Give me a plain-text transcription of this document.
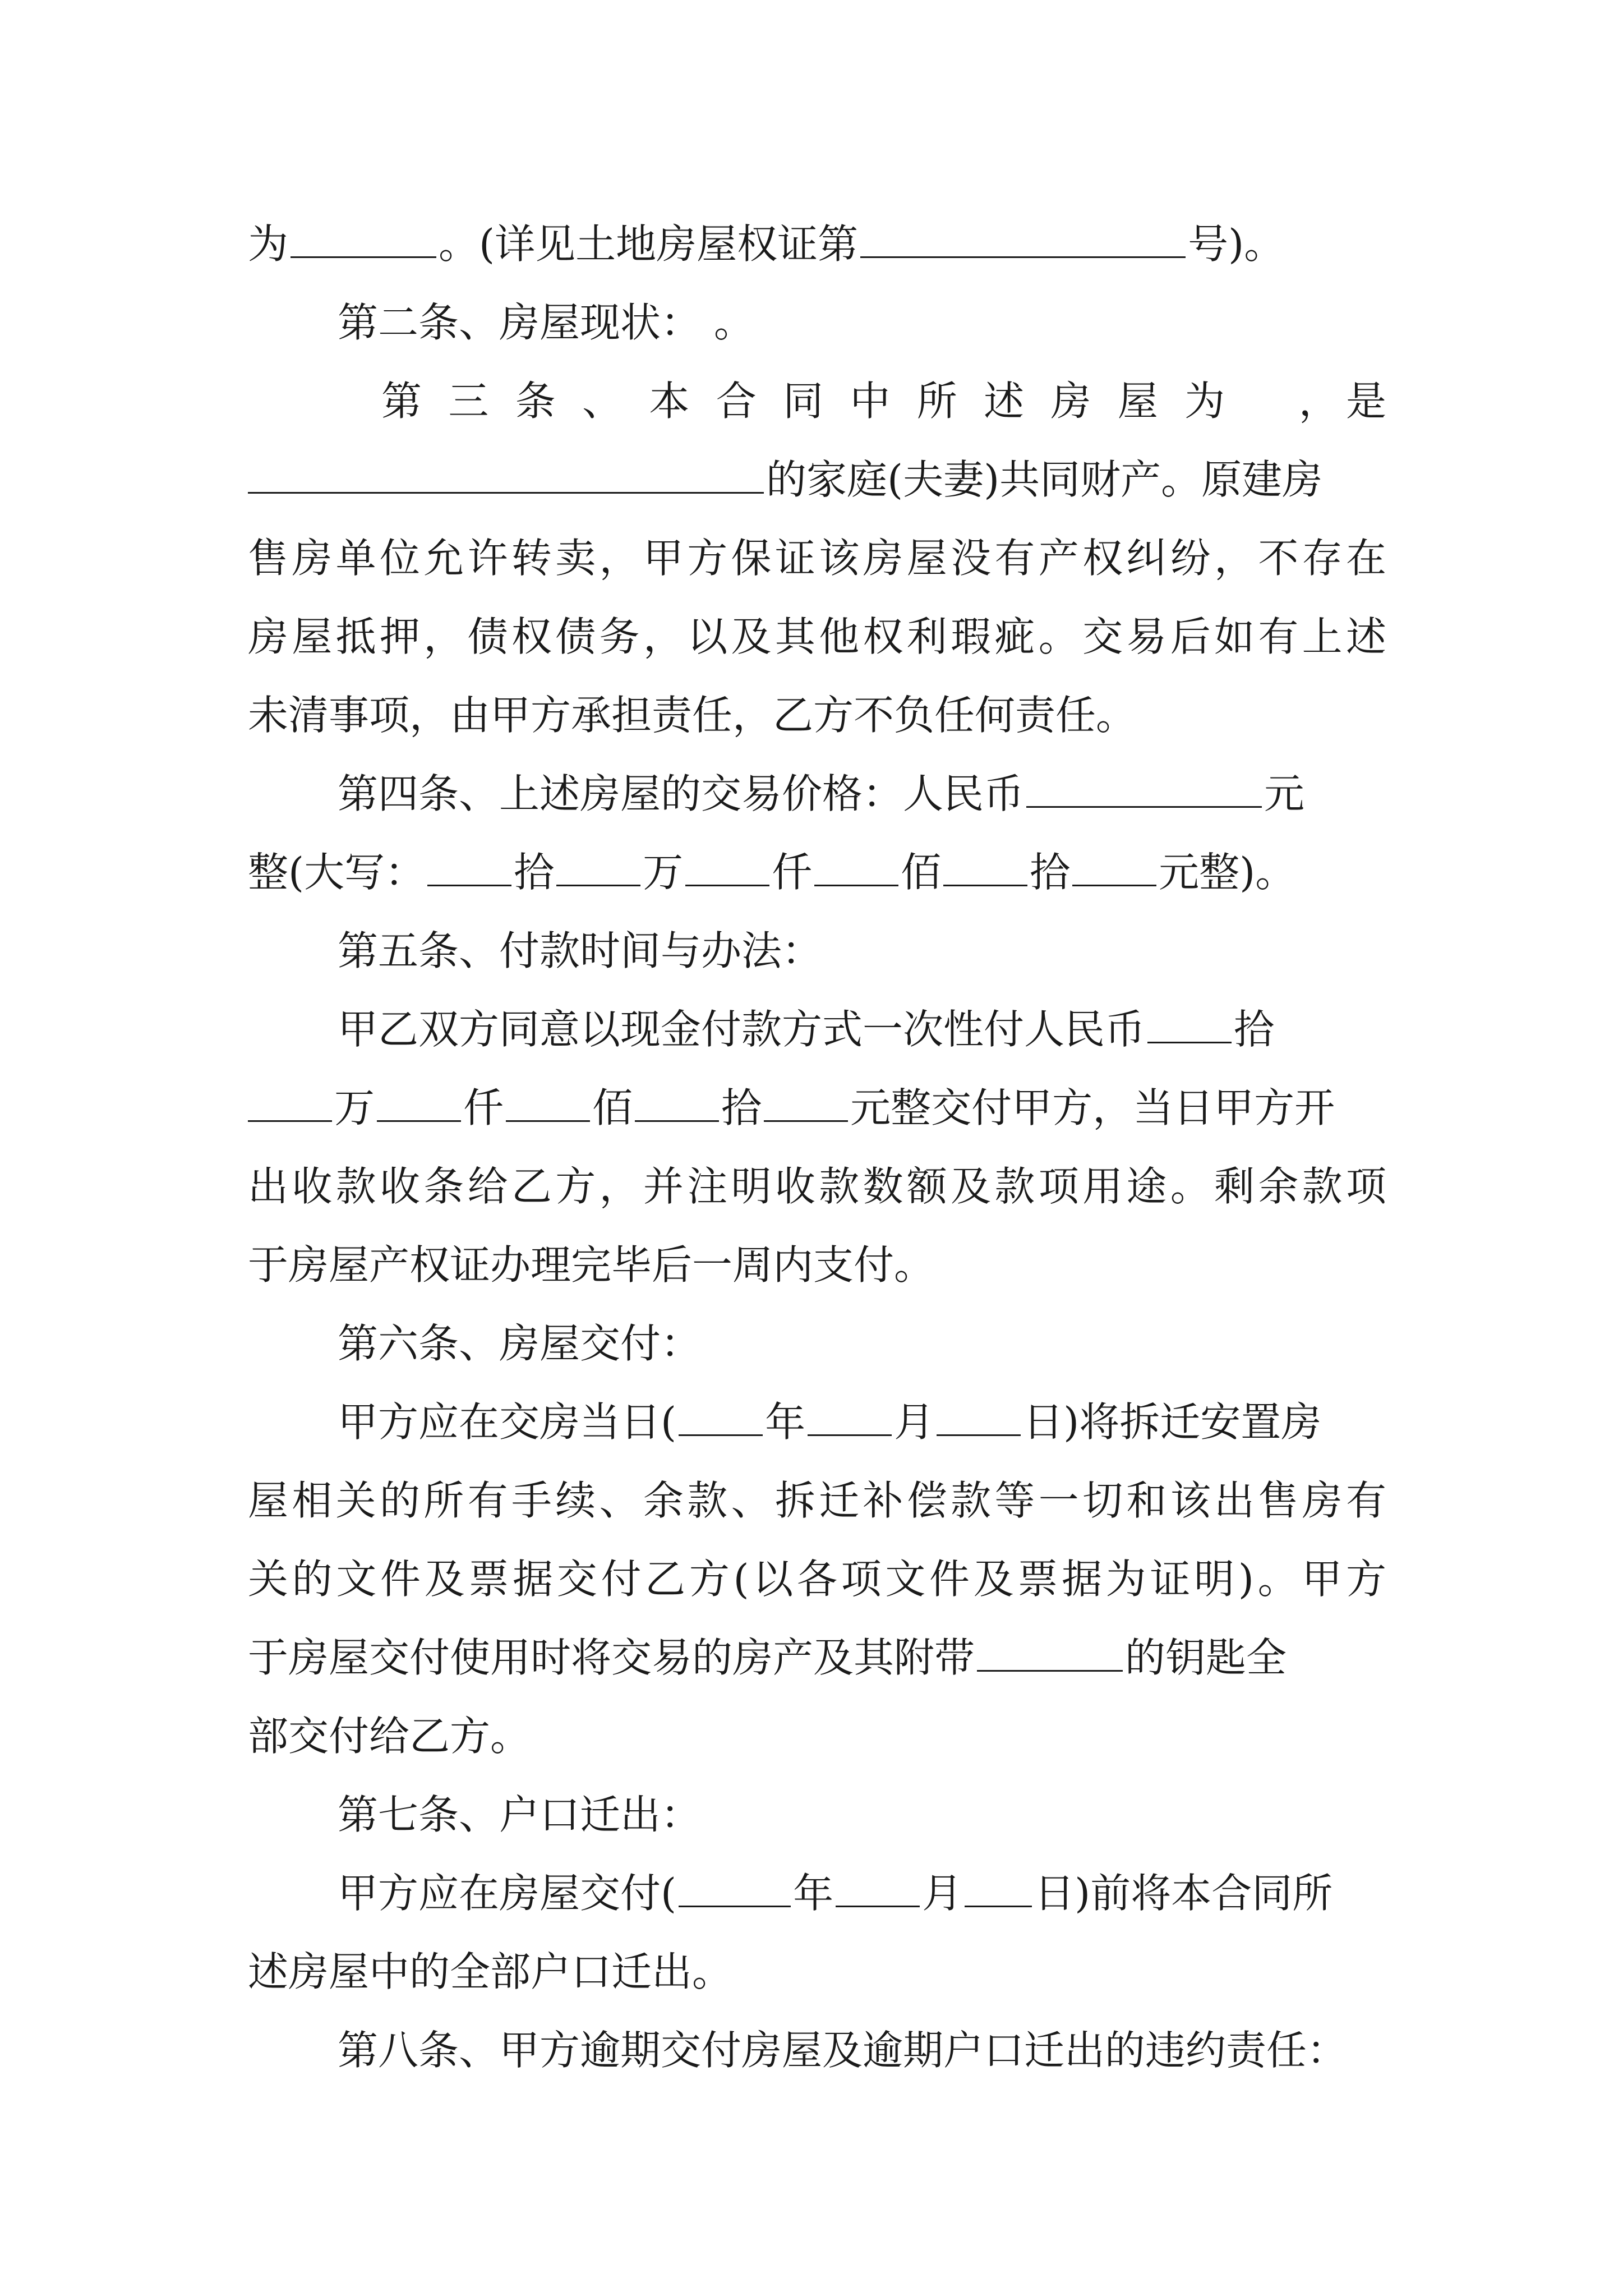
为	。(详见土地房屋权证第	号)。
第二条、房屋现状： 。
第 三 条 、 本 合 同 中 所 述 房 屋 为 　，是
的家庭(夫妻)共同财产。原建房
售房单位允许转卖，甲方保证该房屋没有产权纠纷，不存在
房屋抵押，债权债务，以及其他权利瑕疵。交易后如有上述
未清事项，由甲方承担责任，乙方不负任何责任。
第四条、上述房屋的交易价格：人民币	元
整(大写： 拾 万 仟 佰 拾 元整)。
第五条、付款时间与办法：
甲乙双方同意以现金付款方式一次性付人民币 拾
万 仟 佰 拾 元整交付甲方，当日甲方开
出收款收条给乙方，并注明收款数额及款项用途。剩余款项
于房屋产权证办理完毕后一周内支付。
第六条、房屋交付：
甲方应在交房当日( 年 月 日)将拆迁安置房
屋相关的所有手续、余款、拆迁补偿款等一切和该出售房有
关的文件及票据交付乙方(以各项文件及票据为证明)。甲方
于房屋交付使用时将交易的房产及其附带	的钥匙全
部交付给乙方。
第七条、户口迁出：
甲方应在房屋交付(	年 月 日)前将本合同所
述房屋中的全部户口迁出。
第八条、甲方逾期交付房屋及逾期户口迁出的违约责任：
